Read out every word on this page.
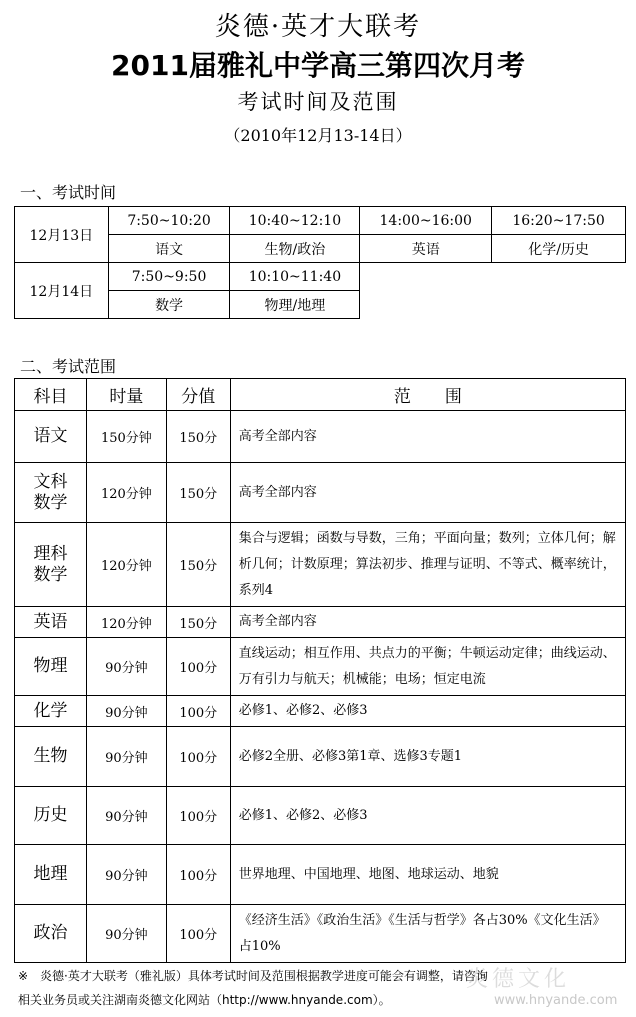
炎德·英才大联考
2011届雅礼中学高三第四次月考
考试时间及范围
（2010年12月13-14日）
一、考试时间
12月13日	7:50~10:20	10:40~12:10	14:00~16:00	16:20~17:50
	语文	生物/政治	英语	化学/历史
12月14日	7:50~9:50	10:10~11:40		
	数学	物理/地理		
二、考试范围
科目	时量	分值	范　　围
语文	150分钟	150分	高考全部内容
文科数学	120分钟	150分	高考全部内容
理科数学	120分钟	150分	集合与逻辑；函数与导数，三角；平面向量；数列；立体几何；解析几何；计数原理；算法初步、推理与证明、不等式、概率统计，系列4
英语	120分钟	150分	高考全部内容
物理	90分钟	100分	直线运动；相互作用、共点力的平衡；牛顿运动定律；曲线运动、万有引力与航天；机械能；电场；恒定电流
化学	90分钟	100分	必修1、必修2、必修3
生物	90分钟	100分	必修2全册、必修3第1章、选修3专题1
历史	90分钟	100分	必修1、必修2、必修3
地理	90分钟	100分	世界地理、中国地理、地图、地球运动、地貌
政治	90分钟	100分	《经济生活》《政治生活》《生活与哲学》各占30%《文化生活》占10%
炎德文化
www.hnyande.com
※　炎德·英才大联考（雅礼版）具体考试时间及范围根据教学进度可能会有调整，请咨询
相关业务员或关注湖南炎德文化网站（http://www.hnyande.com）。
